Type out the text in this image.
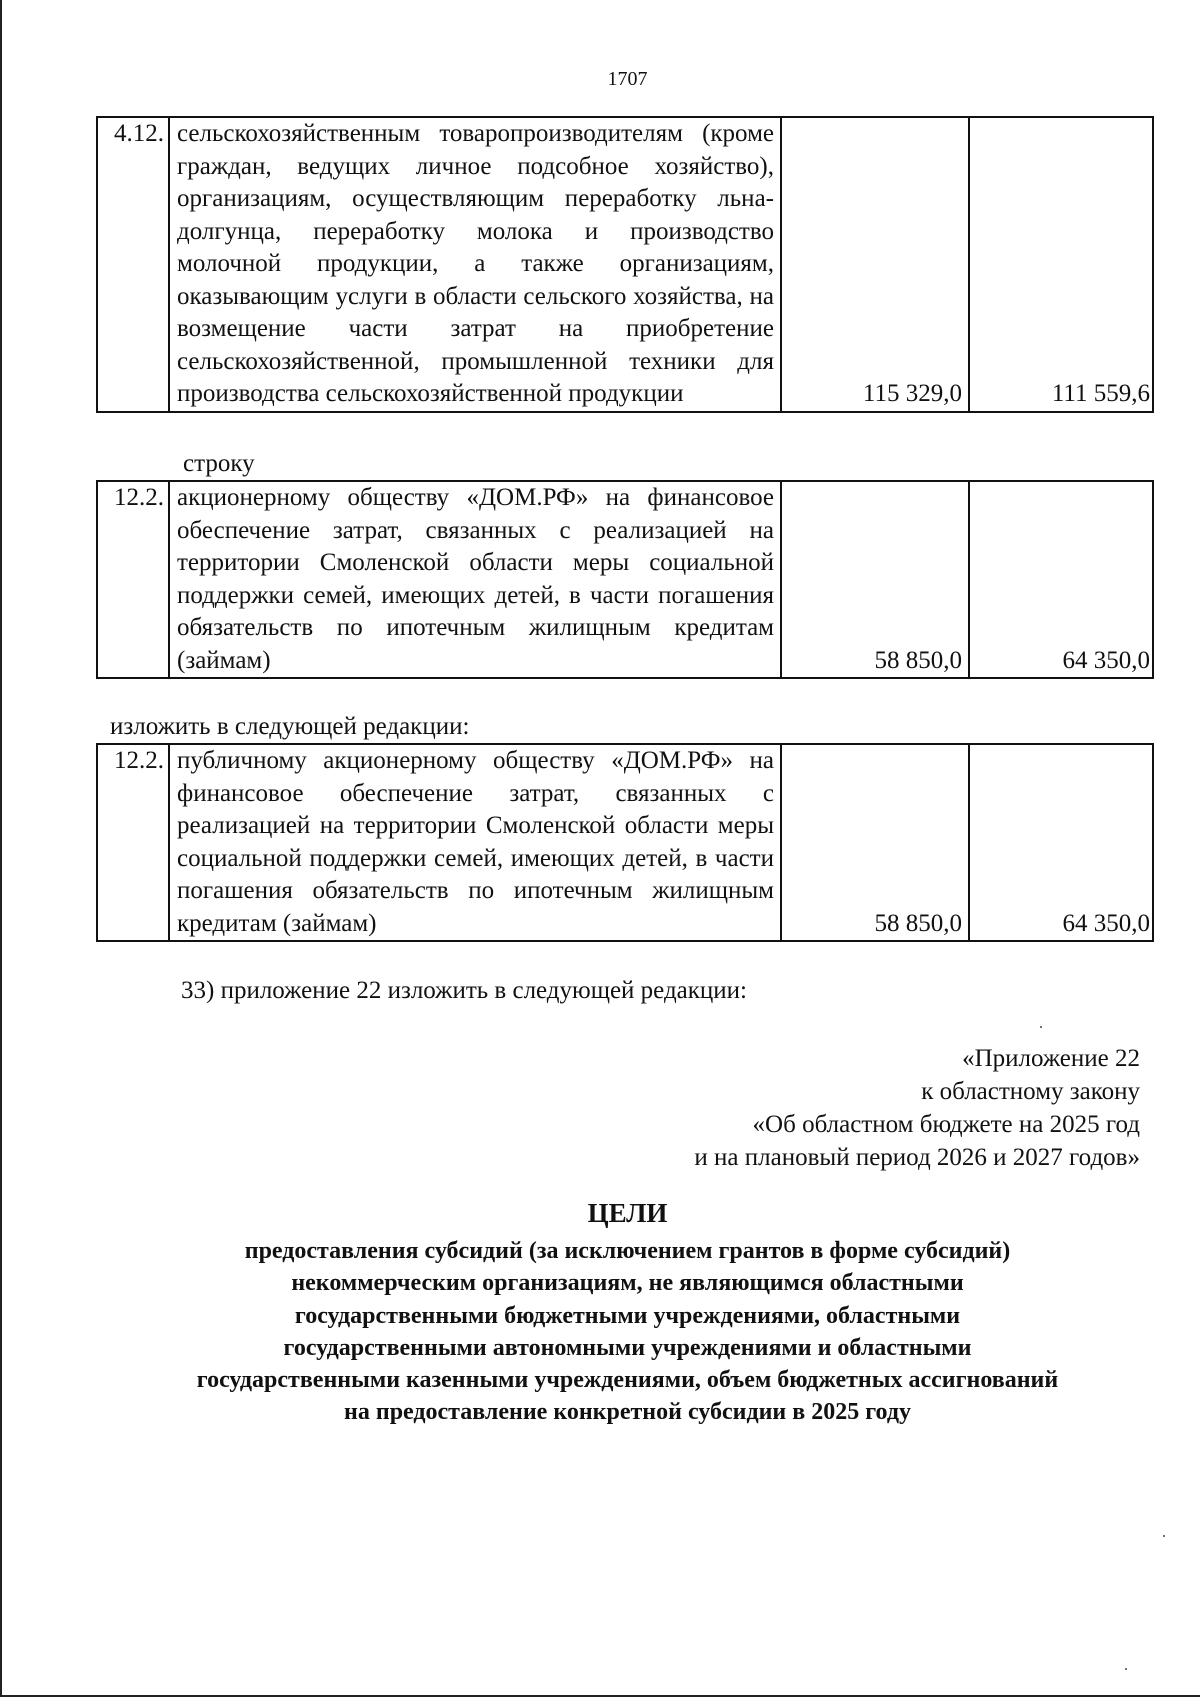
1707
4.12.	сельскохозяйственным товаропроизводителям (кроме граждан, ведущих личное подсобное хозяйство), организациям, осуществляющим переработку льна-долгунца, переработку молока и производство молочной продукции, а также организациям, оказывающим услуги в области сельского хозяйства, на возмещение части затрат на приобретение сельскохозяйственной, промышленной техники для производства сельскохозяйственной продукции	115 329,0	111 559,6
строку
12.2.	акционерному обществу «ДОМ.РФ» на финансовое обеспечение затрат, связанных с реализацией на территории Смоленской области меры социальной поддержки семей, имеющих детей, в части погашения обязательств по ипотечным жилищным кредитам (займам)	58 850,0	64 350,0
изложить в следующей редакции:
12.2.	публичному акционерному обществу «ДОМ.РФ» на финансовое обеспечение затрат, связанных с реализацией на территории Смоленской области меры социальной поддержки семей, имеющих детей, в части погашения обязательств по ипотечным жилищным кредитам (займам)	58 850,0	64 350,0
33) приложение 22 изложить в следующей редакции:
«Приложение 22
к областному закону
«Об областном бюджете на 2025 год
и на плановый период 2026 и 2027 годов»
ЦЕЛИ
предоставления субсидий (за исключением грантов в форме субсидий)
некоммерческим организациям, не являющимся областными
государственными бюджетными учреждениями, областными
государственными автономными учреждениями и областными
государственными казенными учреждениями, объем бюджетных ассигнований
на предоставление конкретной субсидии в 2025 году
